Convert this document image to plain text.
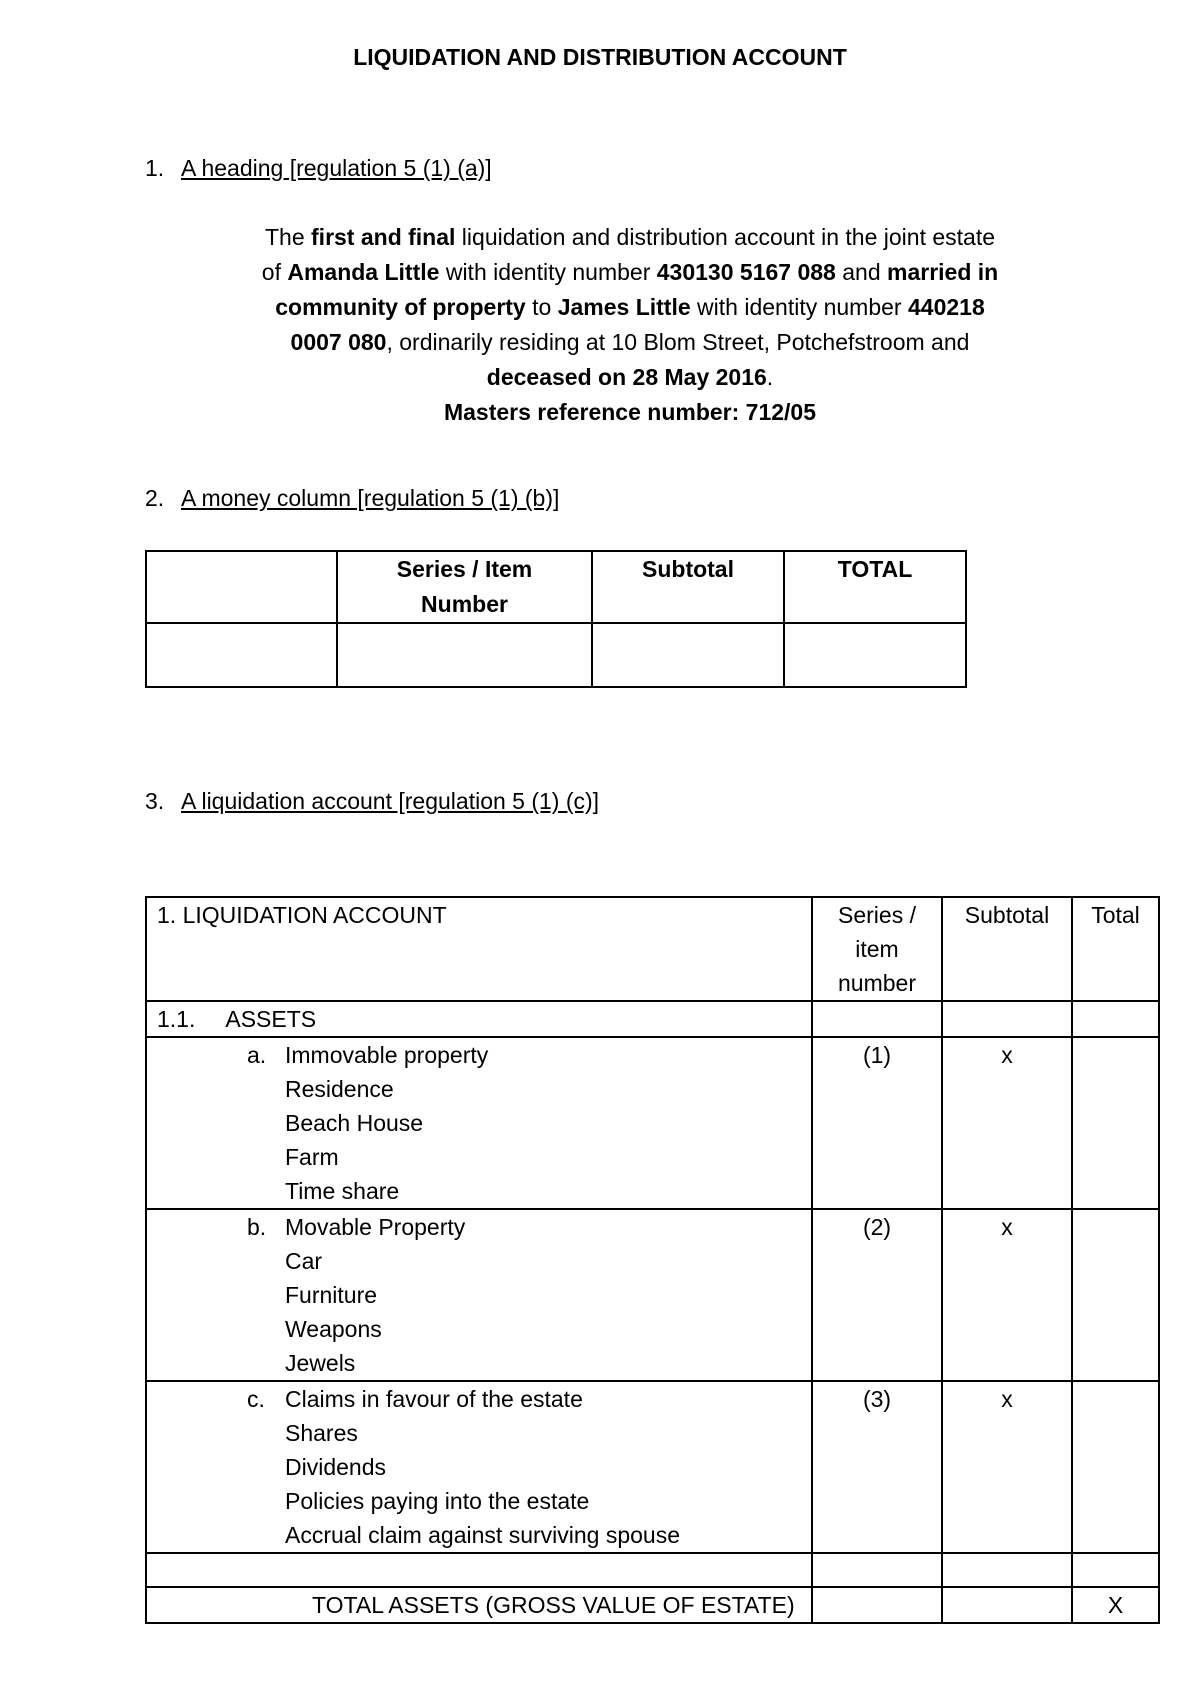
LIQUIDATION AND DISTRIBUTION ACCOUNT
1. A heading [regulation 5 (1) (a)]
The first and final liquidation and distribution account in the joint estate
of Amanda Little with identity number 430130 5167 088 and married in
community of property to James Little with identity number 440218
0007 080, ordinarily residing at 10 Blom Street, Potchefstroom and
deceased on 28 May 2016.
Masters reference number: 712/05
2. A money column [regulation 5 (1) (b)]

	Series / Item
Number	Subtotal	TOTAL

3. A liquidation account [regulation 5 (1) (c)]
1. LIQUIDATION ACCOUNT	Series /
item
number	Subtotal	Total
1.1. ASSETS			

a. Immovable property
Residence
Beach House
Farm
Time share	(1)	x	

b. Movable Property
Car
Furniture
Weapons
Jewels	(2)	x	

c. Claims in favour of the estate
Shares
Dividends
Policies paying into the estate
Accrual claim against surviving spouse	(3)	x	

TOTAL ASSETS (GROSS VALUE OF ESTATE)			X
